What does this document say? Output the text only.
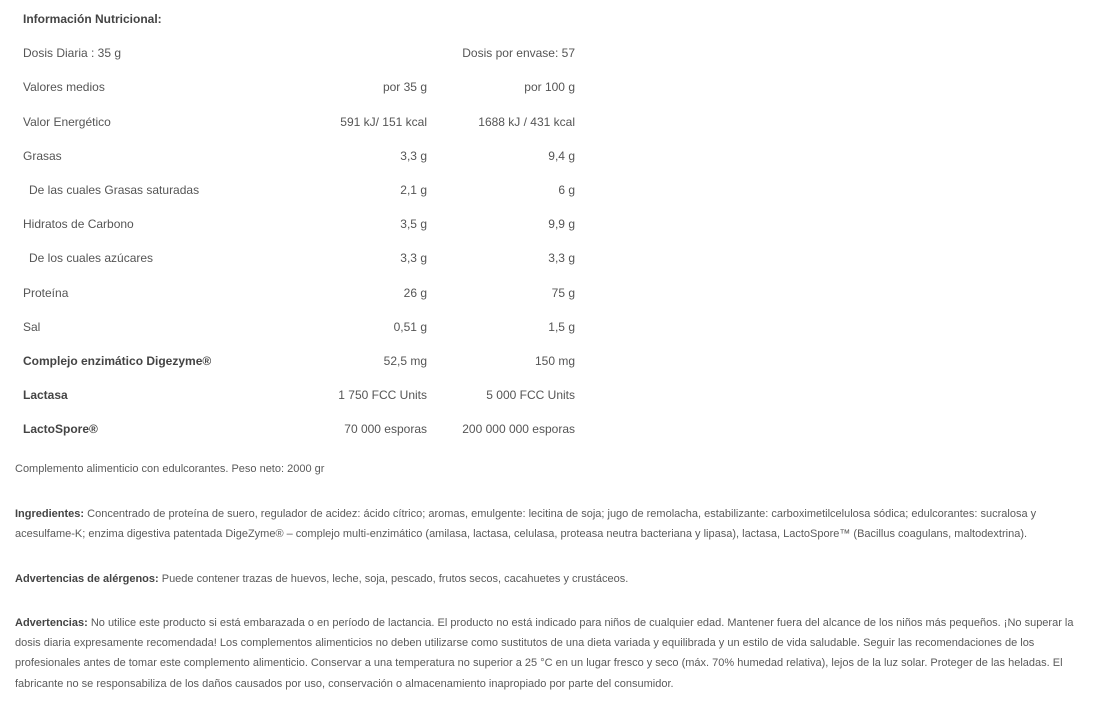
Información Nutricional:		
Dosis Diaria : 35 g		Dosis por envase: 57
Valores medios	por 35 g	por 100 g
Valor Energético	591 kJ/ 151 kcal	1688 kJ / 431 kcal
Grasas	3,3 g	9,4 g
De las cuales Grasas saturadas	2,1 g	6 g
Hidratos de Carbono	3,5 g	9,9 g
De los cuales azúcares	3,3 g	3,3 g
Proteína	26 g	75 g
Sal	0,51 g	1,5 g
Complejo enzimático Digezyme®	52,5 mg	150 mg
Lactasa	1 750 FCC Units	5 000 FCC Units
LactoSpore®	70 000 esporas	200 000 000 esporas
Complemento alimenticio con edulcorantes. Peso neto: 2000 gr
Ingredientes: Concentrado de proteína de suero, regulador de acidez: ácido cítrico; aromas, emulgente: lecitina de soja; jugo de remolacha, estabilizante: carboximetilcelulosa sódica; edulcorantes: sucralosa y acesulfame-K; enzima digestiva patentada DigeZyme® – complejo multi-enzimático (amilasa, lactasa, celulasa, proteasa neutra bacteriana y lipasa), lactasa, LactoSpore™ (Bacillus coagulans, maltodextrina).
Advertencias de alérgenos: Puede contener trazas de huevos, leche, soja, pescado, frutos secos, cacahuetes y crustáceos.
Advertencias: No utilice este producto si está embarazada o en período de lactancia. El producto no está indicado para niños de cualquier edad. Mantener fuera del alcance de los niños más pequeños. ¡No superar la dosis diaria expresamente recomendada! Los complementos alimenticios no deben utilizarse como sustitutos de una dieta variada y equilibrada y un estilo de vida saludable. Seguir las recomendaciones de los profesionales antes de tomar este complemento alimenticio. Conservar a una temperatura no superior a 25 °C en un lugar fresco y seco (máx. 70% humedad relativa), lejos de la luz solar. Proteger de las heladas. El fabricante no se responsabiliza de los daños causados por uso, conservación o almacenamiento inapropiado por parte del consumidor.
